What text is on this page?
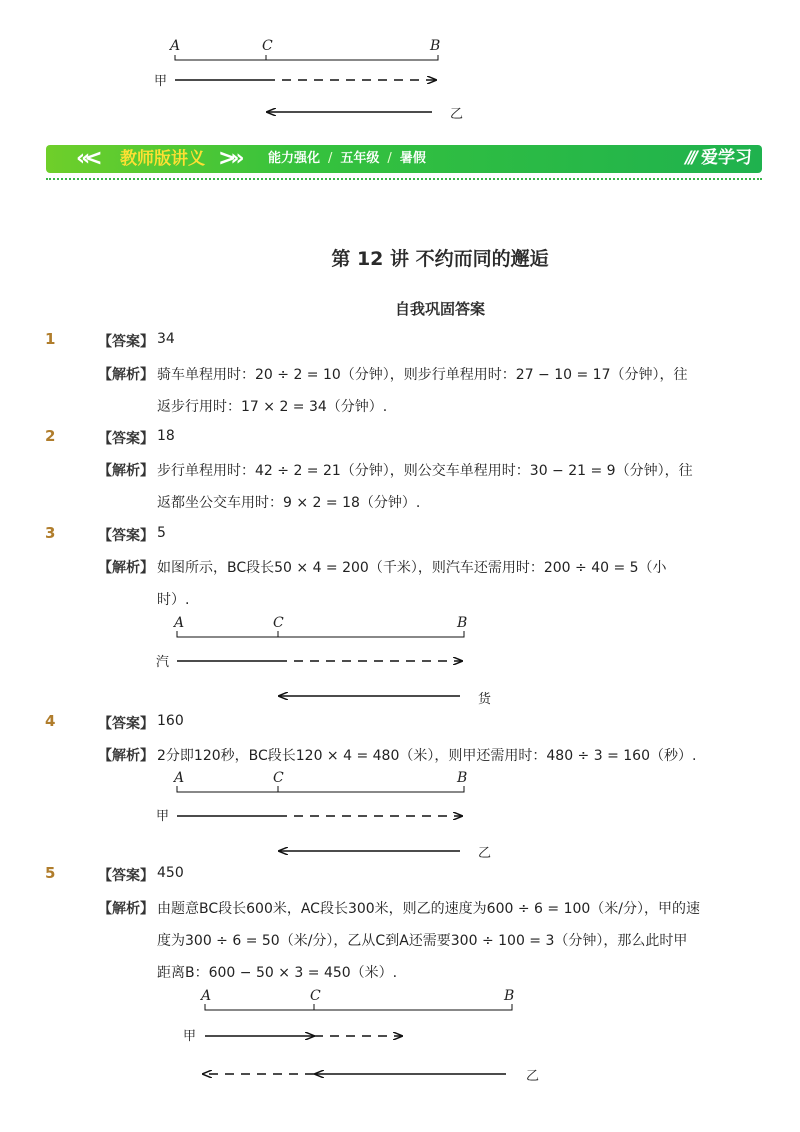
A	C	B
甲
乙
«< 教师版讲义 >» 能力强化 / 五年级 / 暑假	/// 爱学习
第 12 讲 不约而同的邂逅
自我巩固答案
1	【答案】 34
【解析】 骑车单程用时：20 ÷ 2 = 10（分钟），则步行单程用时：27 − 10 = 17（分钟），往
返步行用时：17 × 2 = 34（分钟）.
2	【答案】 18
【解析】 步行单程用时：42 ÷ 2 = 21（分钟），则公交车单程用时：30 − 21 = 9（分钟），往
返都坐公交车用时：9 × 2 = 18（分钟）.
3	【答案】 5
【解析】 如图所示，BC段长50 × 4 = 200（千米），则汽车还需用时：200 ÷ 40 = 5（小
时）.
A	C	B
汽
货
4	【答案】 160
【解析】 2分即120秒，BC段长120 × 4 = 480（米），则甲还需用时：480 ÷ 3 = 160（秒）.
A	C	B
甲
乙
5	【答案】 450
【解析】 由题意BC段长600米，AC段长300米，则乙的速度为600 ÷ 6 = 100（米/分），甲的速
度为300 ÷ 6 = 50（米/分），乙从C到A还需要300 ÷ 100 = 3（分钟），那么此时甲
距离B：600 − 50 × 3 = 450（米）.
A	C	B
甲
乙
